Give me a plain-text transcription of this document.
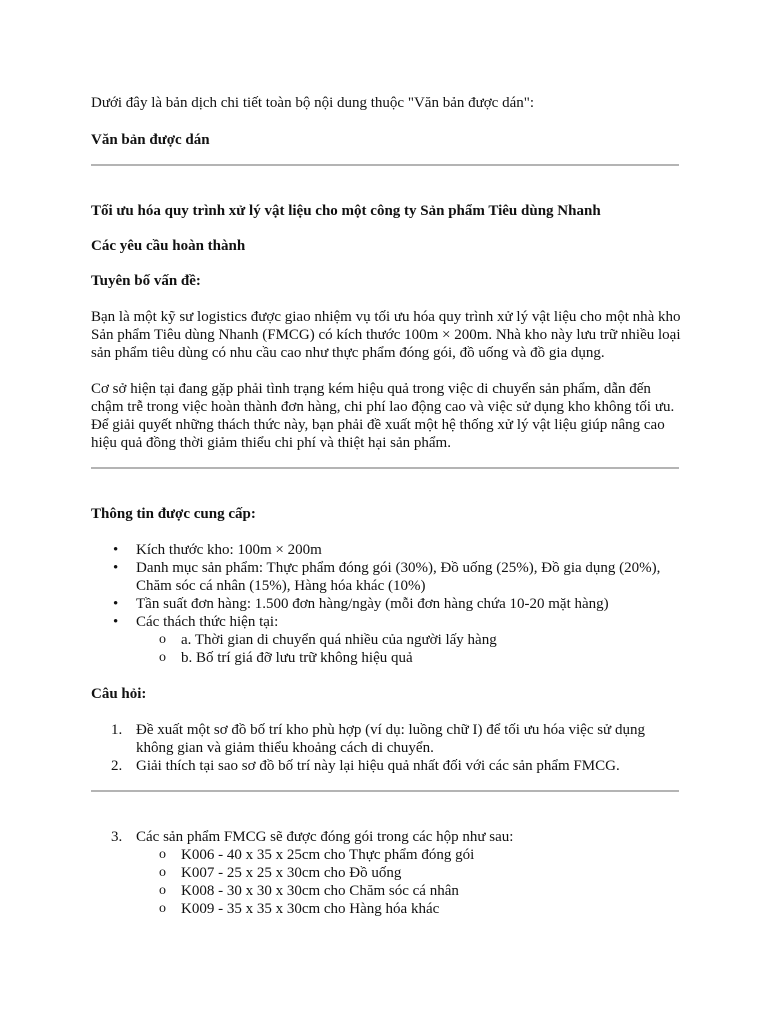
Dưới đây là bản dịch chi tiết toàn bộ nội dung thuộc "Văn bản được dán":

Văn bản được dán

Tối ưu hóa quy trình xử lý vật liệu cho một công ty Sản phẩm Tiêu dùng Nhanh

Các yêu cầu hoàn thành

Tuyên bố vấn đề:

Bạn là một kỹ sư logistics được giao nhiệm vụ tối ưu hóa quy trình xử lý vật liệu cho một nhà kho Sản phẩm Tiêu dùng Nhanh (FMCG) có kích thước 100m × 200m. Nhà kho này lưu trữ nhiều loại sản phẩm tiêu dùng có nhu cầu cao như thực phẩm đóng gói, đồ uống và đồ gia dụng.

Cơ sở hiện tại đang gặp phải tình trạng kém hiệu quả trong việc di chuyển sản phẩm, dẫn đến chậm trễ trong việc hoàn thành đơn hàng, chi phí lao động cao và việc sử dụng kho không tối ưu. Để giải quyết những thách thức này, bạn phải đề xuất một hệ thống xử lý vật liệu giúp nâng cao hiệu quả đồng thời giảm thiểu chi phí và thiệt hại sản phẩm.

Thông tin được cung cấp:

• Kích thước kho: 100m × 200m
• Danh mục sản phẩm: Thực phẩm đóng gói (30%), Đồ uống (25%), Đồ gia dụng (20%), Chăm sóc cá nhân (15%), Hàng hóa khác (10%)
• Tần suất đơn hàng: 1.500 đơn hàng/ngày (mỗi đơn hàng chứa 10-20 mặt hàng)
• Các thách thức hiện tại:
o a. Thời gian di chuyển quá nhiều của người lấy hàng
o b. Bố trí giá đỡ lưu trữ không hiệu quả

Câu hỏi:

1. Đề xuất một sơ đồ bố trí kho phù hợp (ví dụ: luồng chữ I) để tối ưu hóa việc sử dụng không gian và giảm thiểu khoảng cách di chuyển.
2. Giải thích tại sao sơ đồ bố trí này lại hiệu quả nhất đối với các sản phẩm FMCG.
3. Các sản phẩm FMCG sẽ được đóng gói trong các hộp như sau:
o K006 - 40 x 35 x 25cm cho Thực phẩm đóng gói
o K007 - 25 x 25 x 30cm cho Đồ uống
o K008 - 30 x 30 x 30cm cho Chăm sóc cá nhân
o K009 - 35 x 35 x 30cm cho Hàng hóa khác
